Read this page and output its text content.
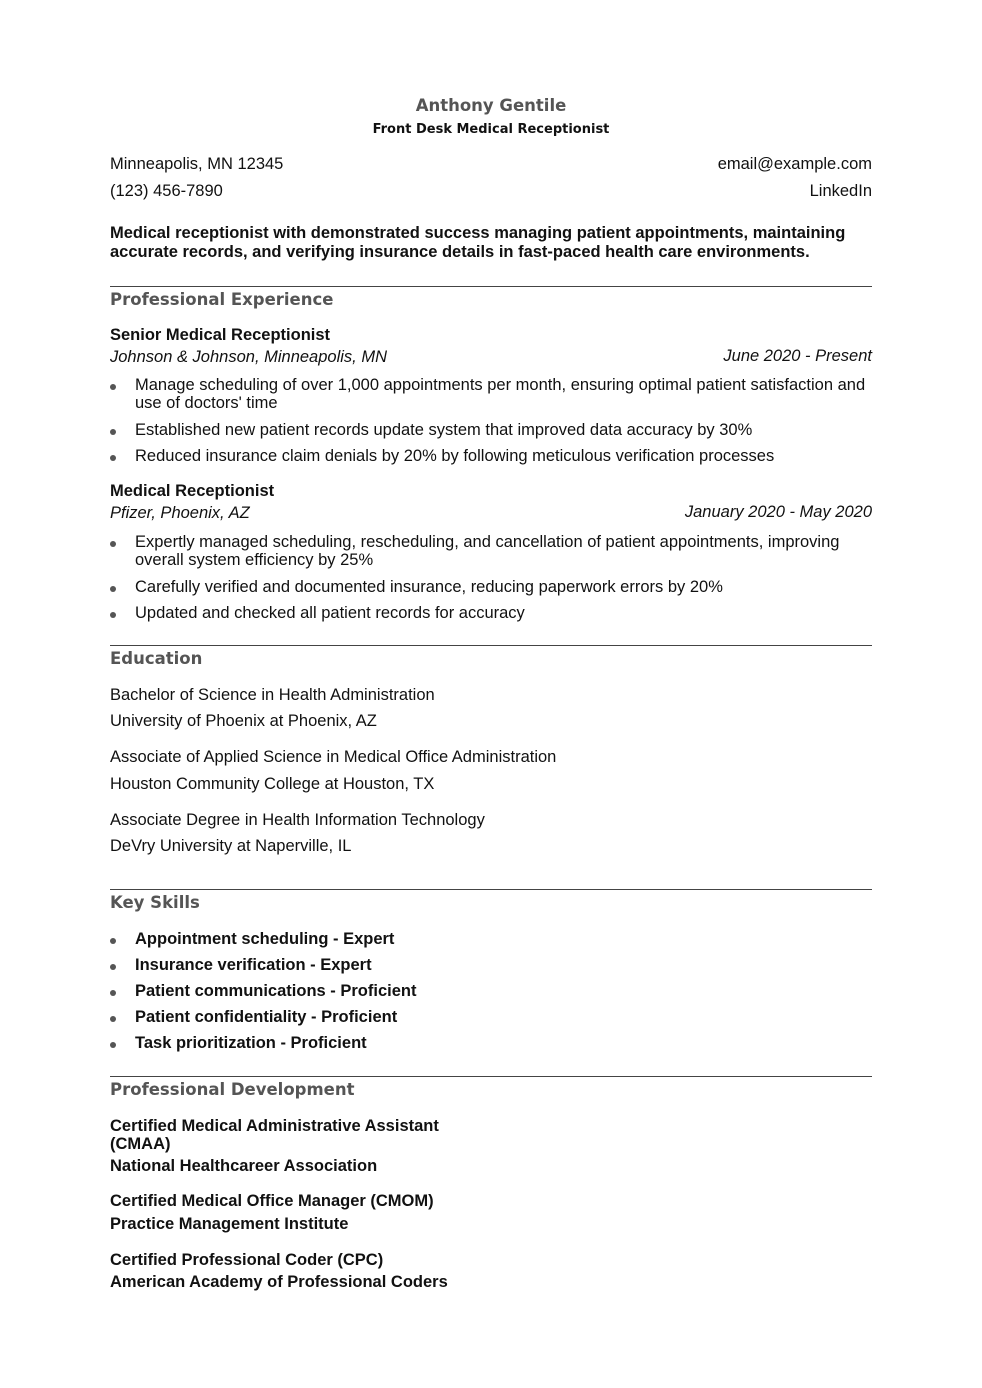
Anthony Gentile
Front Desk Medical Receptionist
Minneapolis, MN 12345	email@example.com
(123) 456-7890	LinkedIn
Medical receptionist with demonstrated success managing patient appointments, maintaining accurate records, and verifying insurance details in fast-paced health care environments.
Professional Experience
Senior Medical Receptionist
Johnson & Johnson, Minneapolis, MN	June 2020 - Present
Manage scheduling of over 1,000 appointments per month, ensuring optimal patient satisfaction and use of doctors' time
Established new patient records update system that improved data accuracy by 30%
Reduced insurance claim denials by 20% by following meticulous verification processes
Medical Receptionist
Pfizer, Phoenix, AZ	January 2020 - May 2020
Expertly managed scheduling, rescheduling, and cancellation of patient appointments, improving overall system efficiency by 25%
Carefully verified and documented insurance, reducing paperwork errors by 20%
Updated and checked all patient records for accuracy
Education
Bachelor of Science in Health Administration
University of Phoenix at Phoenix, AZ
Associate of Applied Science in Medical Office Administration
Houston Community College at Houston, TX
Associate Degree in Health Information Technology
DeVry University at Naperville, IL
Key Skills
Appointment scheduling - Expert
Insurance verification - Expert
Patient communications - Proficient
Patient confidentiality - Proficient
Task prioritization - Proficient
Professional Development
Certified Medical Administrative Assistant
(CMAA)
National Healthcareer Association
Certified Medical Office Manager (CMOM)
Practice Management Institute
Certified Professional Coder (CPC)
American Academy of Professional Coders
